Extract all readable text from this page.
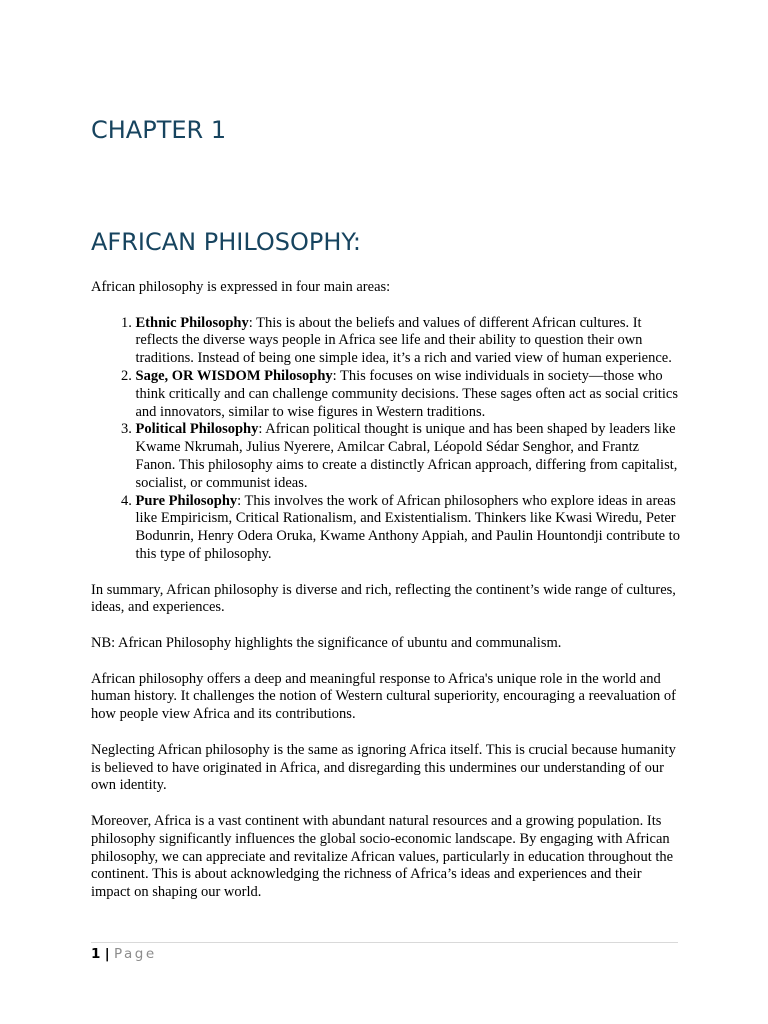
CHAPTER 1
AFRICAN PHILOSOPHY:

African philosophy is expressed in four main areas:

1. Ethnic Philosophy: This is about the beliefs and values of different African cultures. It reflects the diverse ways people in Africa see life and their ability to question their own traditions. Instead of being one simple idea, it’s a rich and varied view of human experience.
2. Sage, OR WISDOM Philosophy: This focuses on wise individuals in society—those who think critically and can challenge community decisions. These sages often act as social critics and innovators, similar to wise figures in Western traditions.
3. Political Philosophy: African political thought is unique and has been shaped by leaders like Kwame Nkrumah, Julius Nyerere, Amilcar Cabral, Léopold Sédar Senghor, and Frantz Fanon. This philosophy aims to create a distinctly African approach, differing from capitalist, socialist, or communist ideas.
4. Pure Philosophy: This involves the work of African philosophers who explore ideas in areas like Empiricism, Critical Rationalism, and Existentialism. Thinkers like Kwasi Wiredu, Peter Bodunrin, Henry Odera Oruka, Kwame Anthony Appiah, and Paulin Hountondji contribute to this type of philosophy.

In summary, African philosophy is diverse and rich, reflecting the continent’s wide range of cultures, ideas, and experiences.

NB: African Philosophy highlights the significance of ubuntu and communalism.

African philosophy offers a deep and meaningful response to Africa's unique role in the world and human history. It challenges the notion of Western cultural superiority, encouraging a reevaluation of how people view Africa and its contributions.

Neglecting African philosophy is the same as ignoring Africa itself. This is crucial because humanity is believed to have originated in Africa, and disregarding this undermines our understanding of our own identity.

Moreover, Africa is a vast continent with abundant natural resources and a growing population. Its philosophy significantly influences the global socio-economic landscape. By engaging with African philosophy, we can appreciate and revitalize African values, particularly in education throughout the continent. This is about acknowledging the richness of Africa’s ideas and experiences and their impact on shaping our world.

1 | Page
